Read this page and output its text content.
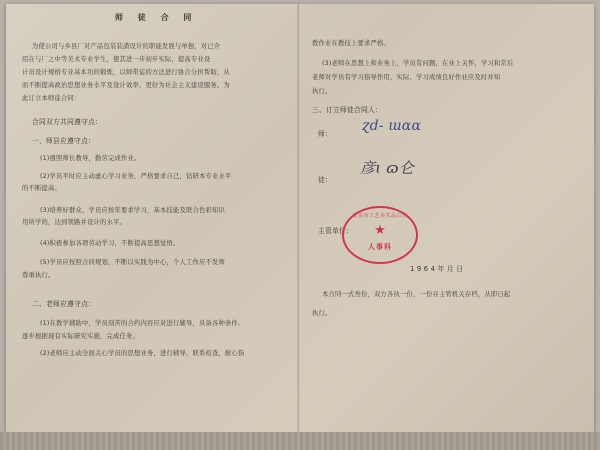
师 徒 合 同
为使公司与乡县厂对产品包装装潢设计的职能发展与单独，对已介
绍在与厂之中等美术专业学生，使其进一步初步实际，提高专业设
计员设计规格专业基本功的锻炼，以师带徒的方法进行协合分担帮助，从
而不断提高政治思想业务水平及设计效率，更好为社会主义建设服务。为
此订立本师徒合同：
合同双方共同遵守点：
一、师县应遵守点：
(1)遵照师长教导，勤劳完成作业。
(2)学员平时应主动虚心学习业务，严格要求自己，钻研本专业水平
的不断提高。
(3)培养好群众，学员应按年要求学习，基本技能及联合色彩知识
用所学的，达到领路并设计的水平。
(4)积极参加各项劳动学习，不断提高思想觉悟。
(5)学员应按照合同规划，不断以实践为中心，个人工作应不发师
尊重执行。
二、老师应遵守点：
(1)在教学辅助中，学员刻苦的合约内容应对进行辅导，具备各种条件,
逐步根据现有实际研究实施，完成任务。
(2)老师应主动全面关心学员的思想业务，进行辅导，联系检查，耐心指
教作业在教技上要求严格。
(3)老师在思想上和业务上，学员有问题，在业上关怀，学习和常后
老师对学员有学习指导作用，实际，学习成绩良好作业应及时并知
执行。
三、订立师徒合同人：
师： ɀd- ɯɑɑ
徒：
彦ɩ ɷ仑
主管单位：
北京市工艺美术品公司
★
人事科
1 9 6 4 年 月 日
本合同一式叁份，双方各执一份，一份存主管机关存档，从即日起
执行。
